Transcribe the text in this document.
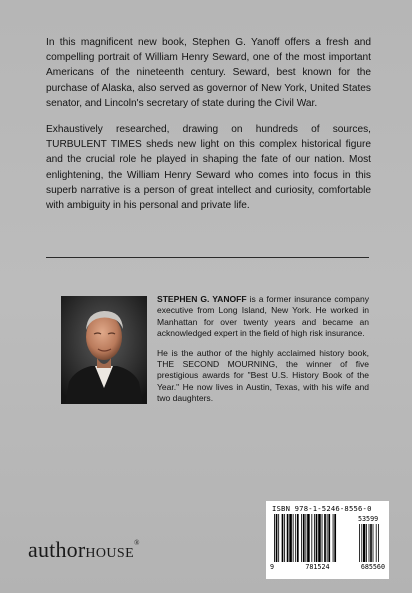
In this magnificent new book, Stephen G. Yanoff offers a fresh and compelling portrait of William Henry Seward, one of the most important Americans of the nineteenth century. Seward, best known for the purchase of Alaska, also served as governor of New York, United States senator, and Lincoln's secretary of state during the Civil War.

Exhaustively researched, drawing on hundreds of sources, TURBULENT TIMES sheds new light on this complex historical figure and the crucial role he played in shaping the fate of our nation. Most enlightening, the William Henry Seward who comes into focus in this superb narrative is a person of great intellect and curiosity, comfortable with ambiguity in his personal and private life.

STEPHEN G. YANOFF is a former insurance company executive from Long Island, New York. He worked in Manhattan for over twenty years and became an acknowledged expert in the field of high risk insurance.

He is the author of the highly acclaimed history book, THE SECOND MOURNING, the winner of five prestigious awards for "Best U.S. History Book of the Year." He now lives in Austin, Texas, with his wife and two daughters.

ISBN 978-1-5246-8556-0
53599
9	781524	685560
authorHOUSE®
